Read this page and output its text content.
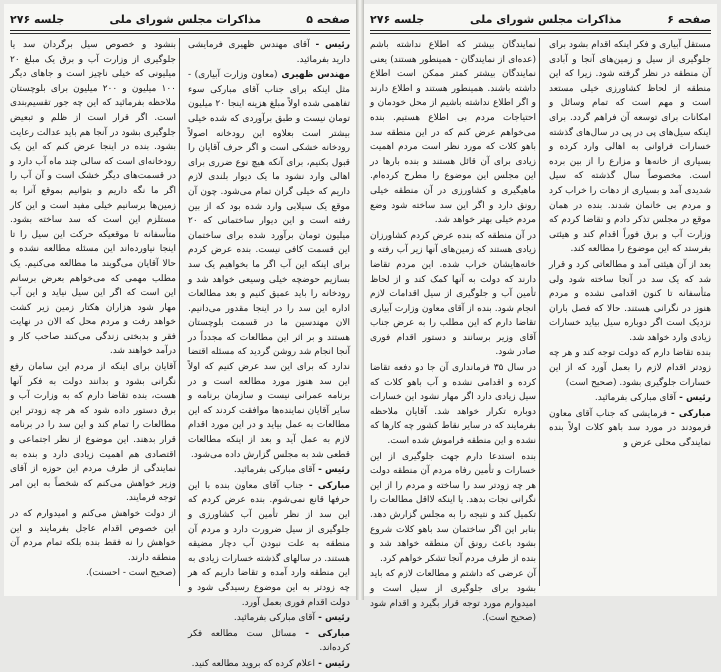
صفحه ۵
مذاکرات مجلس شورای ملی
جلسه ۲۷۶

رئیس - آقای مهندس ظهیری فرمایشی دارید بفرمائید.

مهندس ظهیری (معاون وزارت آبیاری) - مثل اینکه برای جناب آقای مبارکی سوء تفاهمی شده اولاً مبلغ هزینه اینجا ۲۰ میلیون تومان نیست و طبق برآوردی که شده خیلی بیشتر است بعلاوه این رودخانه اصولاً رودخانه خشکی است و اگر حرف آقایان را قبول بکنیم، برای آنکه هیچ نوع ضرری برای اهالی وارد نشود ما یک دیوار بلندی لازم داریم که خیلی گران تمام می‌شود. چون آن موقع یک سیلابی وارد شده بود که از بین رفته است و این دیوار ساختمانی که ۲۰ میلیون تومان برآورد شده برای ساختمان این قسمت کافی نیست. بنده عرض کردم برای اینکه این آب اگر ما بخواهیم یک سد بسازیم حوضچه خیلی وسیعی خواهد شد و رودخانه را باید عمیق کنیم و بعد مطالعات اداره این سد را در اینجا مقدور می‌دانیم. الان مهندسین ما در قسمت بلوچستان هستند و بر اثر این مطالعات که مجدداً در آنجا انجام شد روشن گردید که مسئله اقتضا ندارد که برای این سد عرض کنیم که اولاً این سد هنوز مورد مطالعه است و در برنامه عمرانی نیست و سازمان برنامه و سایر آقایان نماینده‌ها موافقت کردند که این مطالعات به عمل بیاید و در این مورد اقدام لازم به عمل آید و بعد از اینکه مطالعات قطعی شد به مجلس گزارش داده می‌شود.

رئیس - آقای مبارکی بفرمائید.

مبارکی - جناب آقای معاون بنده با این حرفها قانع نمی‌شوم. بنده عرض کردم که این سد از نظر تأمین آب کشاورزی و جلوگیری از سیل ضرورت دارد و مردم آن منطقه به علت نبودن آب دچار مضیقه هستند. در سالهای گذشته خسارات زیادی به این منطقه وارد آمده و تقاضا داریم که هر چه زودتر به این موضوع رسیدگی شود و دولت اقدام فوری بعمل آورد.

رئیس - آقای مبارکی بفرمائید.

مبارکی - مسائل ست مطالعه فکر کرده‌اند.

رئیس - اعلام کرده که بروید مطالعه کنید.

بنشود و خصوص سیل برگردان سد یا جلوگیری از وزارت آب و برق یک مبلغ ۲۰ میلیونی که خیلی ناچیز است و جاهای دیگر ۱۰۰ میلیون و ۲۰۰ میلیون برای بلوچستان ملاحظه بفرمائید که این چه جور تقسیم‌بندی است. اگر قرار است از ظلم و تبعیض جلوگیری بشود در آنجا هم باید عدالت رعایت بشود. بنده در اینجا عرض کنم که این یک رودخانه‌ای است که سالی چند ماه آب دارد و در قسمت‌های دیگر خشک است و آن آب را اگر ما نگه داریم و بتوانیم بموقع آنرا به زمین‌ها برسانیم خیلی مفید است و این کار مستلزم این است که سد ساخته بشود. متأسفانه تا موقعیکه حرکت این سیل را تا اینجا نیاورده‌اند این مسئله مطالعه نشده و حالا آقایان می‌گویند ما مطالعه می‌کنیم. یک مطلب مهمی که می‌خواهم بعرض برسانم این است که اگر این سیل نیاید و این آب مهار شود هزاران هکتار زمین زیر کشت خواهد رفت و مردم محل که الان در نهایت فقر و بدبختی زندگی می‌کنند صاحب کار و درآمد خواهند شد.

آقایان برای اینکه از مردم این سامان رفع نگرانی بشود و بدانند دولت به فکر آنها هست، بنده تقاضا دارم که به وزارت آب و برق دستور داده شود که هر چه زودتر این مطالعات را تمام کند و این سد را در برنامه قرار بدهند. این موضوع از نظر اجتماعی و اقتصادی هم اهمیت زیادی دارد و بنده به نمایندگی از طرف مردم این حوزه از آقای وزیر خواهش می‌کنم که شخصاً به این امر توجه فرمایند.

از دولت خواهش می‌کنم و امیدوارم که در این خصوص اقدام عاجل بفرمایند و این خواهش را نه فقط بنده بلکه تمام مردم آن منطقه دارند.

(صحیح است - احسنت).

صفحه ۶
مذاکرات مجلس شورای ملی
جلسه ۲۷۶

مستقل آبیاری و فکر اینکه اقدام بشود برای جلوگیری از سیل و زمین‌های آنجا و آبادی آن منطقه در نظر گرفته شود. زیرا که این منطقه از لحاظ کشاورزی خیلی مستعد است و مهم است که تمام وسائل و امکانات برای توسعه آن فراهم گردد. برای اینکه سیل‌های پی در پی در سال‌های گذشته خسارات فراوانی به اهالی وارد کرده و بسیاری از خانه‌ها و مزارع را از بین برده است. مخصوصاً سال گذشته که سیل شدیدی آمد و بسیاری از دهات را خراب کرد و مردم بی خانمان شدند. بنده در همان موقع در مجلس تذکر دادم و تقاضا کردم که وزارت آب و برق فوراً اقدام کند و هیئتی بفرستد که این موضوع را مطالعه کند.

بعد از آن هیئتی آمد و مطالعاتی کرد و قرار شد که یک سد در آنجا ساخته شود ولی متأسفانه تا کنون اقدامی نشده و مردم هنوز در نگرانی هستند. حالا که فصل باران نزدیک است اگر دوباره سیل بیاید خسارات زیادی وارد خواهد شد.

بنده تقاضا دارم که دولت توجه کند و هر چه زودتر اقدام لازم را بعمل آورد که از این خسارات جلوگیری بشود. (صحیح است)

رئیس - آقای مبارکی بفرمائید.

مبارکی - فرمایشی که جناب آقای معاون فرمودند در مورد سد باهو کلات اولاً بنده نمایندگی محلی عرض و

نمایندگان بیشتر که اطلاع نداشته باشم (عده‌ای از نمایندگان - همینطور هستند) یعنی نمایندگان بیشتر کمتر ممکن است اطلاع داشته باشند. همینطور هستند و اطلاع دارند و اگر اطلاع نداشته باشیم از محل خودمان و احتیاجات مردم بی اطلاع هستیم. بنده می‌خواهم عرض کنم که در این منطقه سد باهو کلات که مورد نظر است مردم اهمیت زیادی برای آن قائل هستند و بنده بارها در این مجلس این موضوع را مطرح کرده‌ام. ماهیگیری و کشاورزی در آن منطقه خیلی رونق دارد و اگر این سد ساخته شود وضع مردم خیلی بهتر خواهد شد.

در آن منطقه که بنده عرض کردم کشاورزان زیادی هستند که زمین‌های آنها زیر آب رفته و خانه‌هایشان خراب شده. این مردم تقاضا دارند که دولت به آنها کمک کند و از لحاظ تأمین آب و جلوگیری از سیل اقدامات لازم انجام شود. بنده از آقای معاون وزارت آبیاری تقاضا دارم که این مطلب را به عرض جناب آقای وزیر برسانند و دستور اقدام فوری صادر شود.

در سال ۳۵ فرمانداری آن جا دو دفعه تقاضا کرده و اقدامی نشده و آب باهو کلات که سیل زیادی دارد اگر مهار نشود این خسارات دوباره تکرار خواهد شد. آقایان ملاحظه بفرمایند که در سایر نقاط کشور چه کارها که نشده و این منطقه فراموش شده است.

بنده استدعا دارم جهت جلوگیری از این خسارات و تأمین رفاه مردم آن منطقه دولت هر چه زودتر سد را ساخته و مردم را از این نگرانی نجات بدهد. یا اینکه لااقل مطالعات را تکمیل کند و نتیجه را به مجلس گزارش دهد. بنابر این اگر ساختمان سد باهو کلات شروع بشود باعث رونق آن منطقه خواهد شد و بنده از طرف مردم آنجا تشکر خواهم کرد.

آن عرضی که داشتم و مطالعات لازم که باید بشود برای جلوگیری از سیل است و امیدوارم مورد توجه قرار بگیرد و اقدام شود (صحیح است).
